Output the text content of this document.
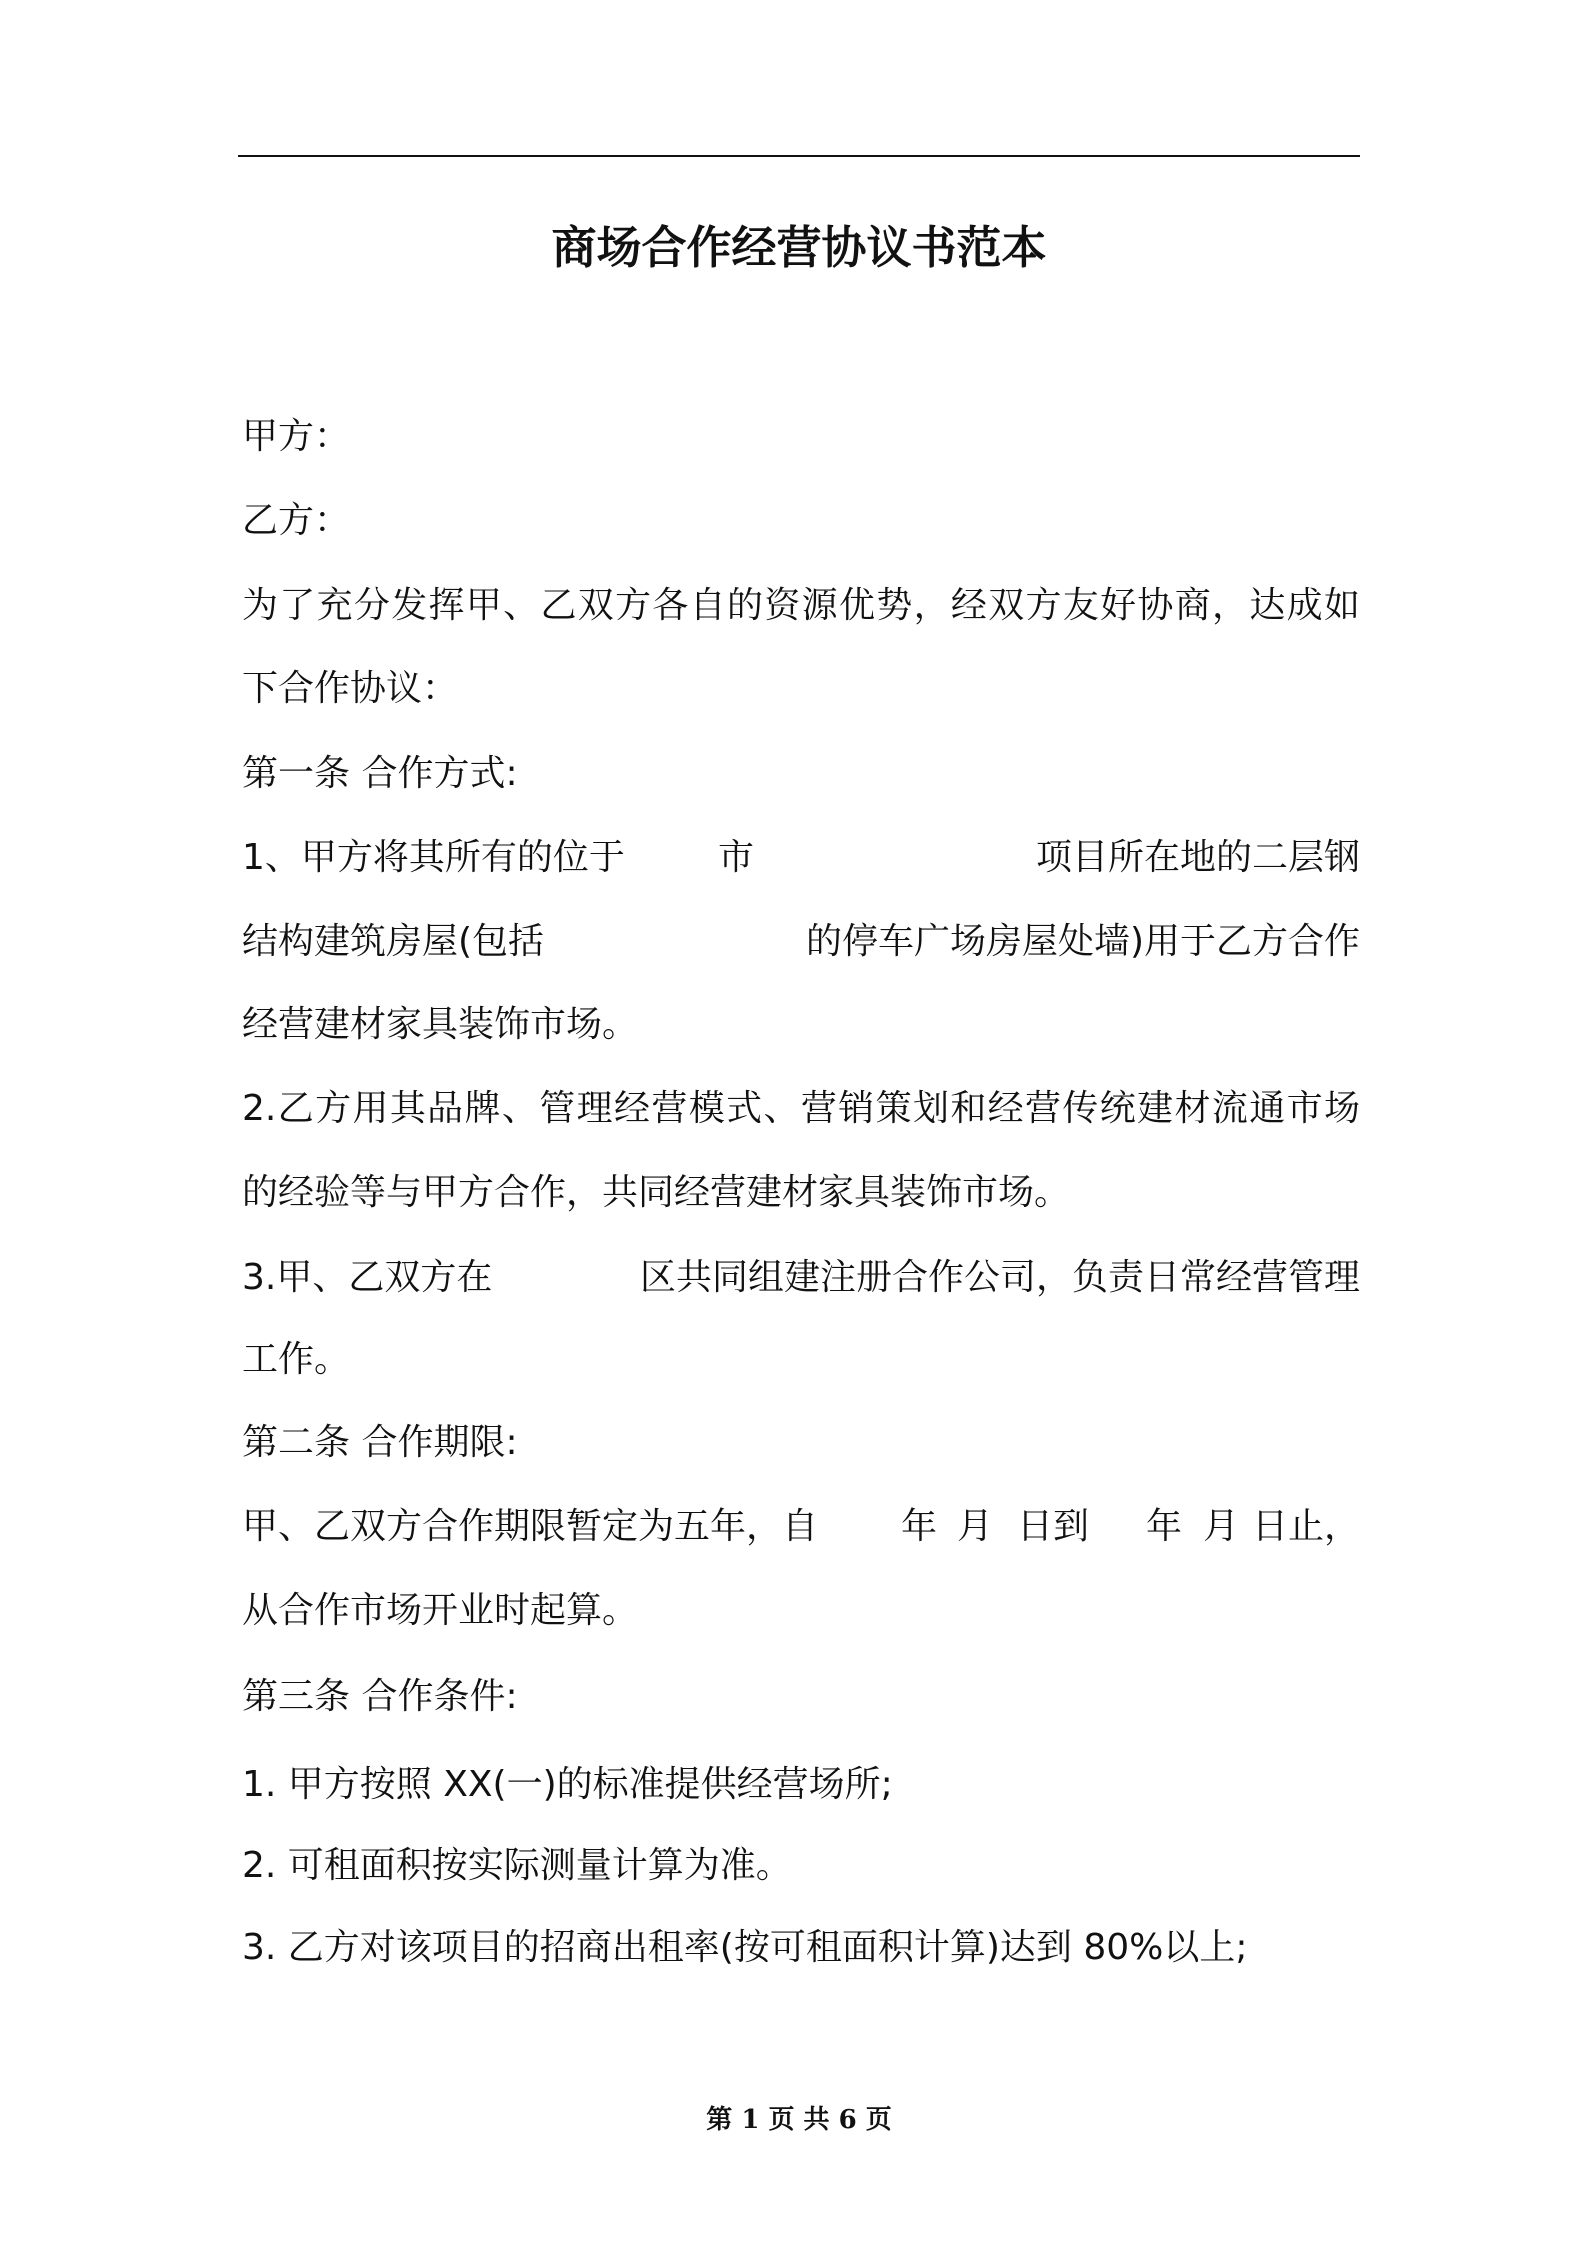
商场合作经营协议书范本
甲方：
乙方：
为了充分发挥甲、乙双方各自的资源优势，经双方友好协商，达成如
下合作协议：
第一条 合作方式:
1、甲方将其所有的位于	市	项目所在地的二层钢
结构建筑房屋(包括	的停车广场房屋处墙)用于乙方合作
经营建材家具装饰市场。
2.乙方用其品牌、管理经营模式、营销策划和经营传统建材流通市场
的经验等与甲方合作，共同经营建材家具装饰市场。
3.甲、乙双方在	区共同组建注册合作公司，负责日常经营管理
工作。
第二条 合作期限:
甲、乙双方合作期限暂定为五年，自 年 月 日到 年 月 日止，
从合作市场开业时起算。
第三条 合作条件:
1. 甲方按照 XX(一)的标准提供经营场所;
2. 可租面积按实际测量计算为准。
3. 乙方对该项目的招商出租率(按可租面积计算)达到 80%以上;
第 1 页 共 6 页
